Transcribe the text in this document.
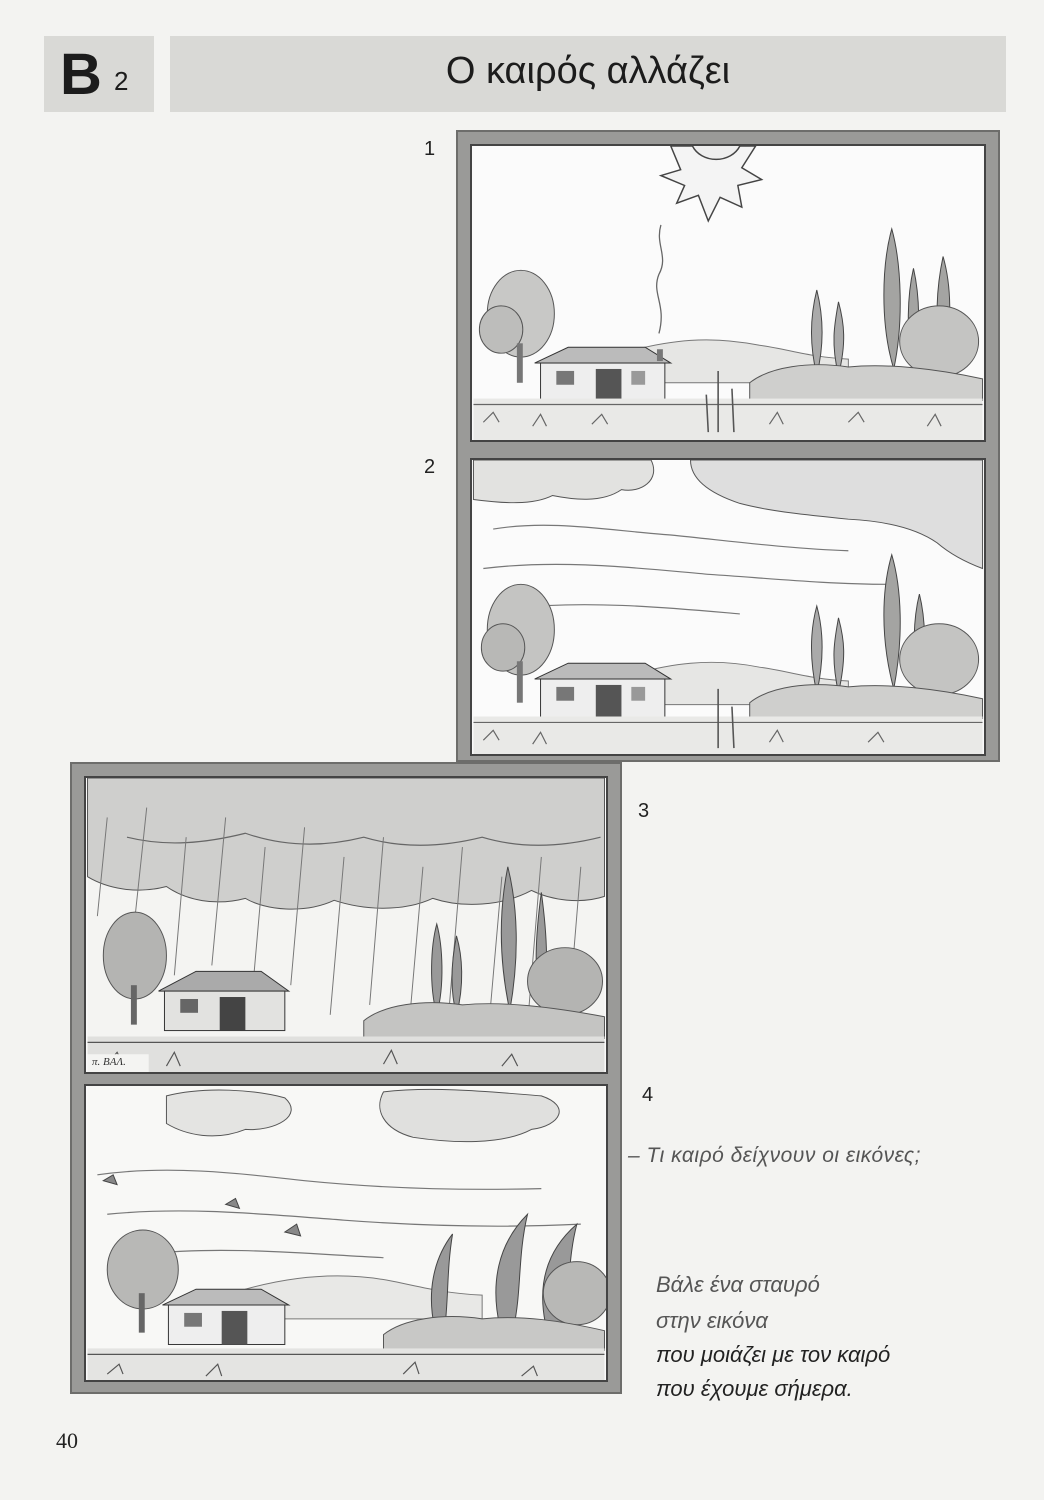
B 2	Ο καιρός αλλάζει
1
2
3
4
π. ΒΑΛ.
– Τι καιρό δείχνουν οι εικόνες;
Βάλε ένα σταυρό
στην εικόνα
που μοιάζει με τον καιρό
που έχουμε σήμερα.
40
